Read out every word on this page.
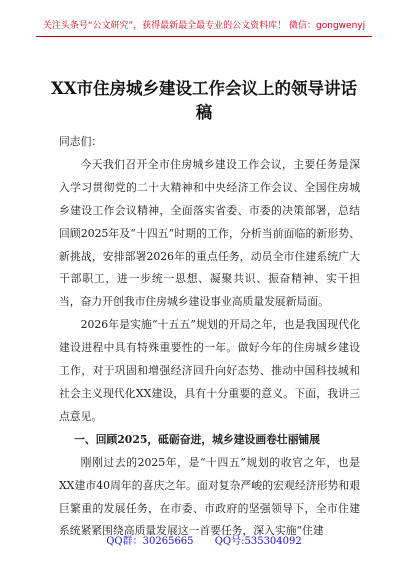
关注头条号“公文研究”，获得最新最全最专业的公文资料库！ 微信：gongwenyj
XX市住房城乡建设工作会议上的领导讲话稿

同志们：

今天我们召开全市住房城乡建设工作会议，主要任务是深入学习贯彻党的二十大精神和中央经济工作会议、全国住房城乡建设工作会议精神，全面落实省委、市委的决策部署，总结回顾2025年及“十四五”时期的工作，分析当前面临的新形势、新挑战，安排部署2026年的重点任务，动员全市住建系统广大干部职工，进一步统一思想、凝聚共识、振奋精神、实干担当，奋力开创我市住房城乡建设事业高质量发展新局面。

2026年是实施“十五五”规划的开局之年，也是我国现代化建设进程中具有特殊重要性的一年。做好今年的住房城乡建设工作，对于巩固和增强经济回升向好态势、推动中国科技城和社会主义现代化XX建设，具有十分重要的意义。下面，我讲三点意见。

一、回顾2025，砥砺奋进，城乡建设画卷壮丽铺展

刚刚过去的2025年，是“十四五”规划的收官之年，也是XX建市40周年的喜庆之年。面对复杂严峻的宏观经济形势和艰巨繁重的发展任务，在市委、市政府的坚强领导下，全市住建系统紧紧围绕高质量发展这一首要任务，深入实施“住建

QQ群：30265665 QQ号:535304092
